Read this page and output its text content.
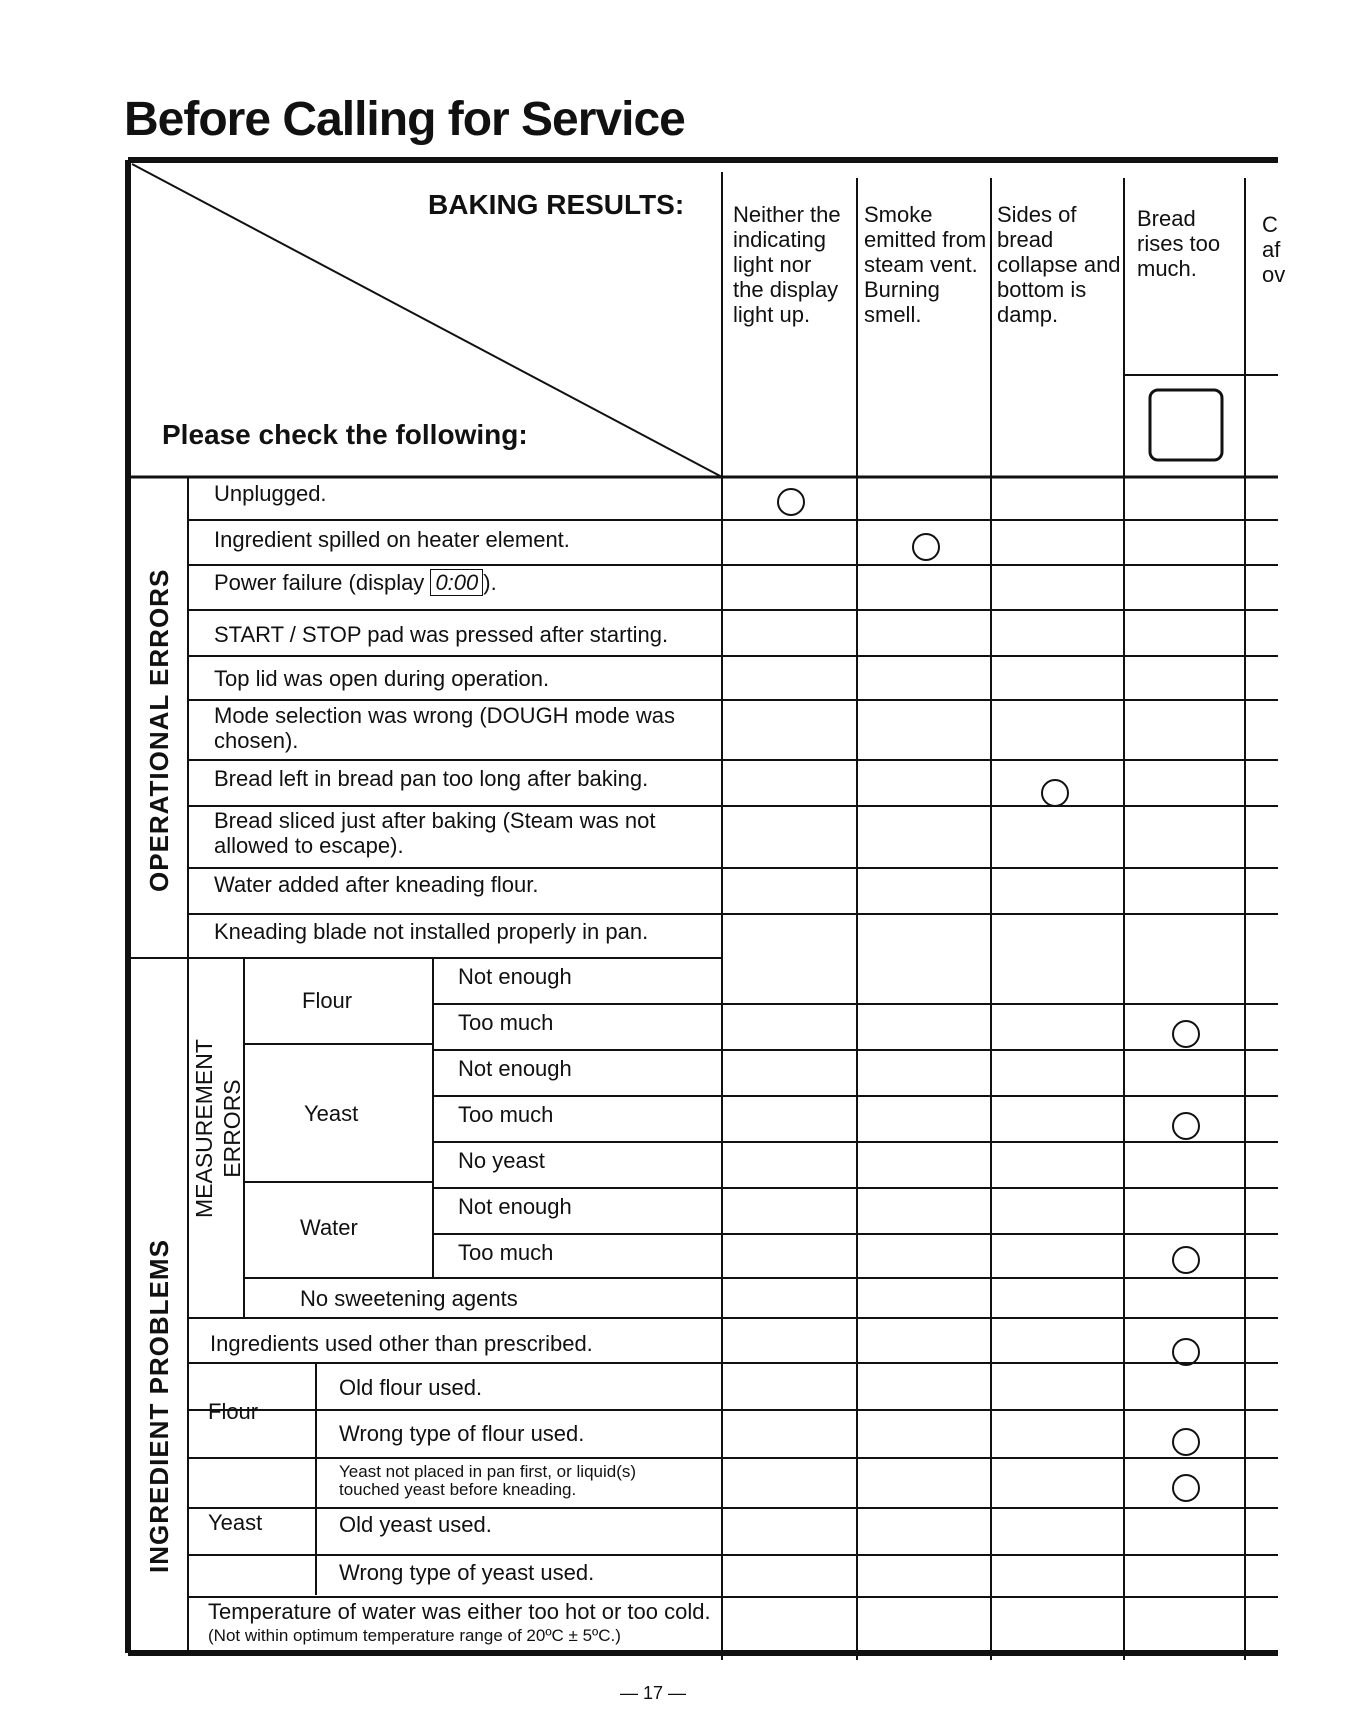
Before Calling for Service
BAKING RESULTS:
Please check the following:
Neither the
indicating
light nor
the display
light up.
Smoke
emitted from
steam vent.
Burning
smell.
Sides of
bread
collapse and
bottom is
damp.
Bread
rises too
much.
C
af
ov
OPERATIONAL ERRORS
INGREDIENT PROBLEMS
MEASUREMENT ERRORS
Unplugged.
Ingredient spilled on heater element.
Power failure (display 0:00 ).
START / STOP pad was pressed after starting.
Top lid was open during operation.
Mode selection was wrong (DOUGH mode was
chosen).
Bread left in bread pan too long after baking.
Bread sliced just after baking (Steam was not
allowed to escape).
Water added after kneading flour.
Kneading blade not installed properly in pan.
Flour
Yeast
Water
Not enough
Too much
Not enough
Too much
No yeast
Not enough
Too much
No sweetening agents
Ingredients used other than prescribed.
Flour
Old flour used.
Wrong type of flour used.
Yeast
Yeast not placed in pan first, or liquid(s)
touched yeast before kneading.
Old yeast used.
Wrong type of yeast used.
Temperature of water was either too hot or too cold.
(Not within optimum temperature range of 20ºC ± 5ºC.)
— 17 —
